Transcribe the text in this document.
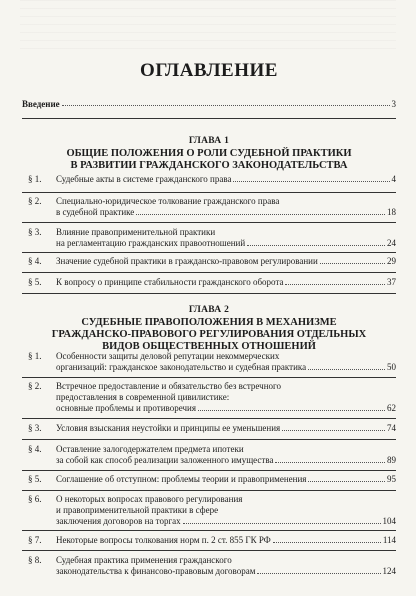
ОГЛАВЛЕНИЕ
Введение	3
ГЛАВА 1
ОБЩИЕ ПОЛОЖЕНИЯ О РОЛИ СУДЕБНОЙ ПРАКТИКИ
В РАЗВИТИИ ГРАЖДАНСКОГО ЗАКОНОДАТЕЛЬСТВА
§ 1. Судебные акты в системе гражданского права	4
§ 2. Специально-юридическое толкование гражданского права
в судебной практике	18
§ 3. Влияние правоприменительной практики
на регламентацию гражданских правоотношений	24
§ 4. Значение судебной практики в гражданско-правовом регулировании	29
§ 5. К вопросу о принципе стабильности гражданского оборота	37
ГЛАВА 2
СУДЕБНЫЕ ПРАВОПОЛОЖЕНИЯ В МЕХАНИЗМЕ
ГРАЖДАНСКО-ПРАВОВОГО РЕГУЛИРОВАНИЯ ОТДЕЛЬНЫХ
ВИДОВ ОБЩЕСТВЕННЫХ ОТНОШЕНИЙ
§ 1. Особенности защиты деловой репутации некоммерческих
организаций: гражданское законодательство и судебная практика	50
§ 2. Встречное предоставление и обязательство без встречного
предоставления в современной цивилистике:
основные проблемы и противоречия	62
§ 3. Условия взыскания неустойки и принципы ее уменьшения	74
§ 4. Оставление залогодержателем предмета ипотеки
за собой как способ реализации заложенного имущества	89
§ 5. Соглашение об отступном: проблемы теории и правоприменения	95
§ 6. О некоторых вопросах правового регулирования
и правоприменительной практики в сфере
заключения договоров на торгах	104
§ 7. Некоторые вопросы толкования норм п. 2 ст. 855 ГК РФ	114
§ 8. Судебная практика применения гражданского
законодательства к финансово-правовым договорам	124
